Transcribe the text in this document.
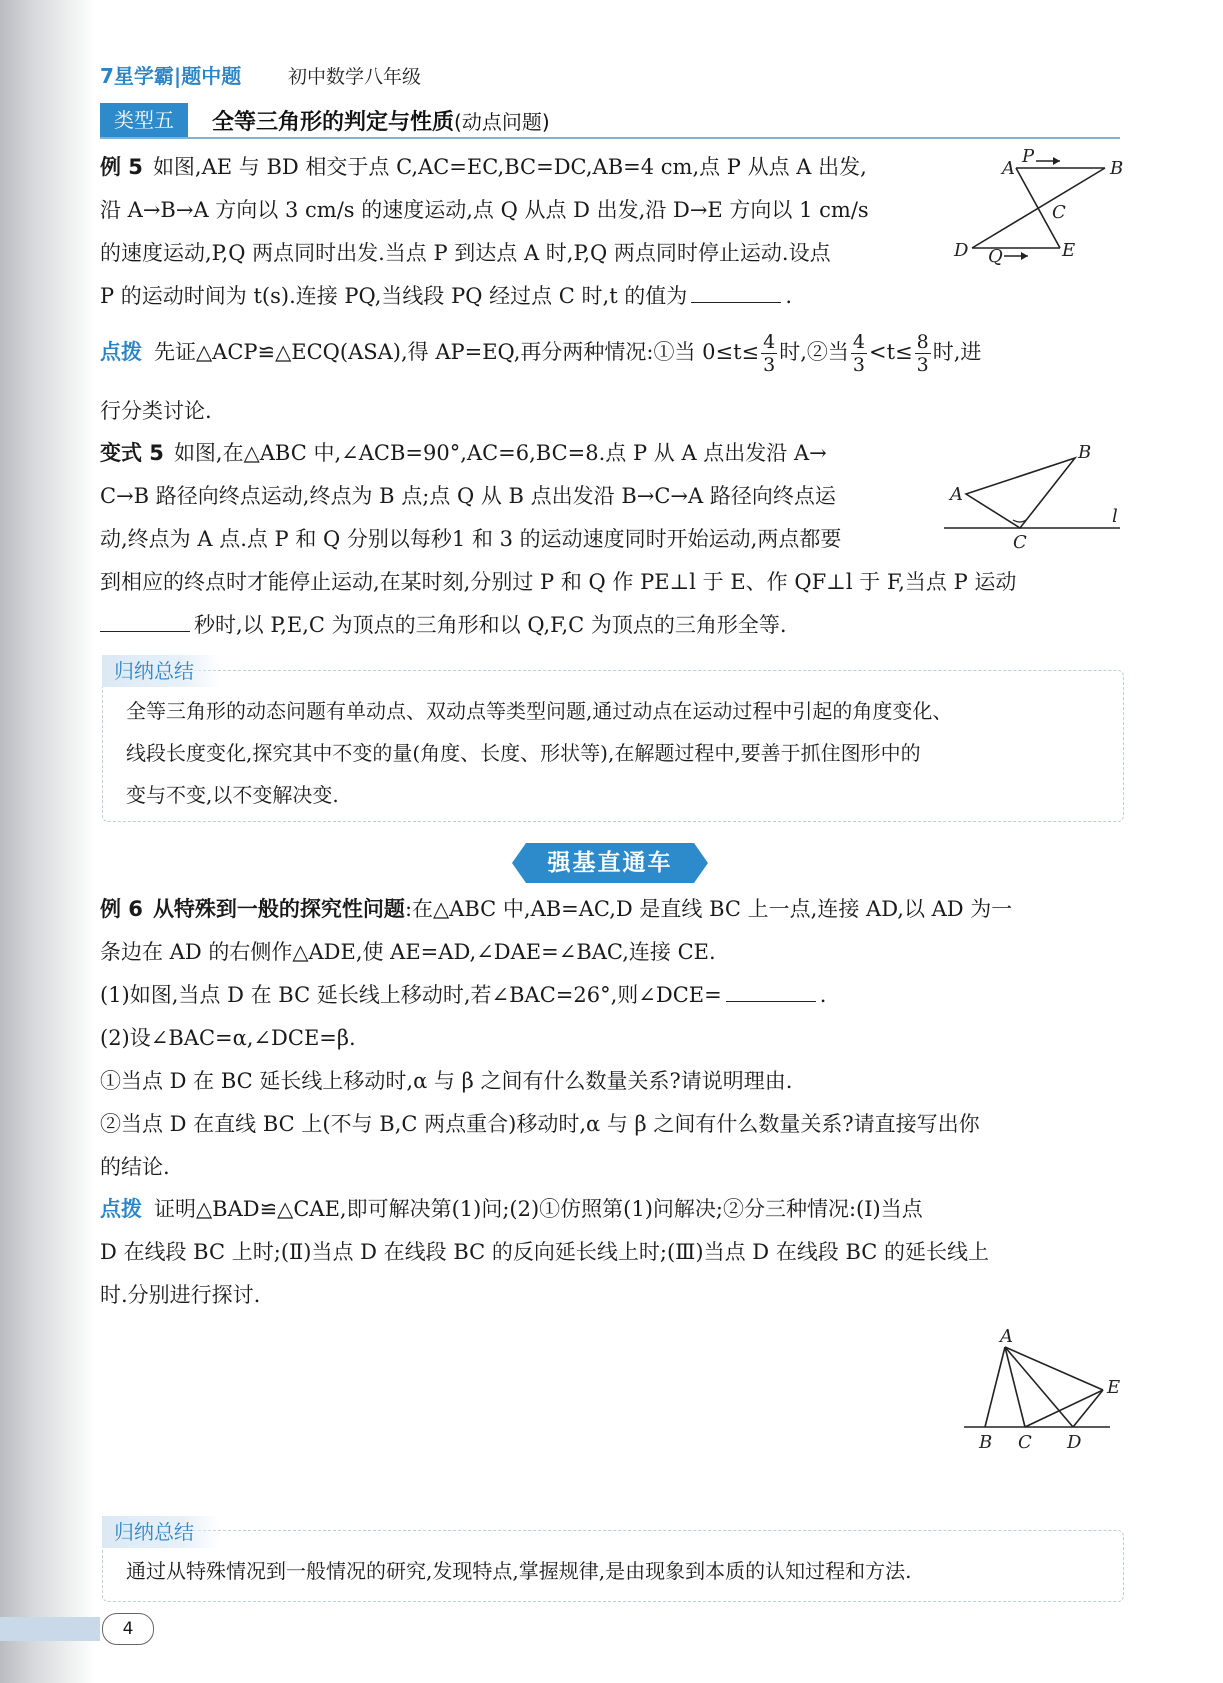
7星学霸|题中题 初中数学八年级
类型五	全等三角形的判定与性质(动点问题)
例 5 如图,AE 与 BD 相交于点 C,AC=EC,BC=DC,AB=4 cm,点 P 从点 A 出发,
沿 A→B→A 方向以 3 cm/s 的速度运动,点 Q 从点 D 出发,沿 D→E 方向以 1 cm/s
的速度运动,P,Q 两点同时出发.当点 P 到达点 A 时,P,Q 两点同时停止运动.设点
P 的运动时间为 t(s).连接 PQ,当线段 PQ 经过点 C 时,t 的值为	.
A	B
C
D	E
P
Q
点拨 先证△ACP≌△ECQ(ASA),得 AP=EQ,再分两种情况:①当 $0\le t\le \frac{4}{3}$ 时,②当 $\frac{4}{3} <t\le \frac{8}{3}$ 时,进
行分类讨论.
变式 5 如图,在△ABC 中,∠ACB=90°,AC=6,BC=8.点 P 从 A 点出发沿 A→
C→B 路径向终点运动,终点为 B 点;点 Q 从 B 点出发沿 B→C→A 路径向终点运
动,终点为 A 点.点 P 和 Q 分别以每秒1 和 3 的运动速度同时开始运动,两点都要
到相应的终点时才能停止运动,在某时刻,分别过 P 和 Q 作 PE⊥l 于 E、作 QF⊥l 于 F,当点 P 运动
秒时,以 P,E,C 为顶点的三角形和以 Q,F,C 为顶点的三角形全等.
A
B
C
l
归纳总结
全等三角形的动态问题有单动点、双动点等类型问题,通过动点在运动过程中引起的角度变化、
线段长度变化,探究其中不变的量(角度、长度、形状等),在解题过程中,要善于抓住图形中的
变与不变,以不变解决变.
强基直通车
例 6 从特殊到一般的探究性问题:在△ABC 中,AB=AC,D 是直线 BC 上一点,连接 AD,以 AD 为一
条边在 AD 的右侧作△ADE,使 AE=AD,∠DAE=∠BAC,连接 CE.
(1)如图,当点 D 在 BC 延长线上移动时,若∠BAC=26°,则∠DCE=	.
(2)设∠BAC=α,∠DCE=β.
①当点 D 在 BC 延长线上移动时,α 与 β 之间有什么数量关系?请说明理由.
②当点 D 在直线 BC 上(不与 B,C 两点重合)移动时,α 与 β 之间有什么数量关系?请直接写出你
的结论.
点拨 证明△BAD≌△CAE,即可解决第(1)问;(2)①仿照第(1)问解决;②分三种情况:(Ⅰ)当点
D 在线段 BC 上时;(Ⅱ)当点 D 在线段 BC 的反向延长线上时;(Ⅲ)当点 D 在线段 BC 的延长线上
时.分别进行探讨.
A
B C D
E
归纳总结
通过从特殊情况到一般情况的研究,发现特点,掌握规律,是由现象到本质的认知过程和方法.
4
